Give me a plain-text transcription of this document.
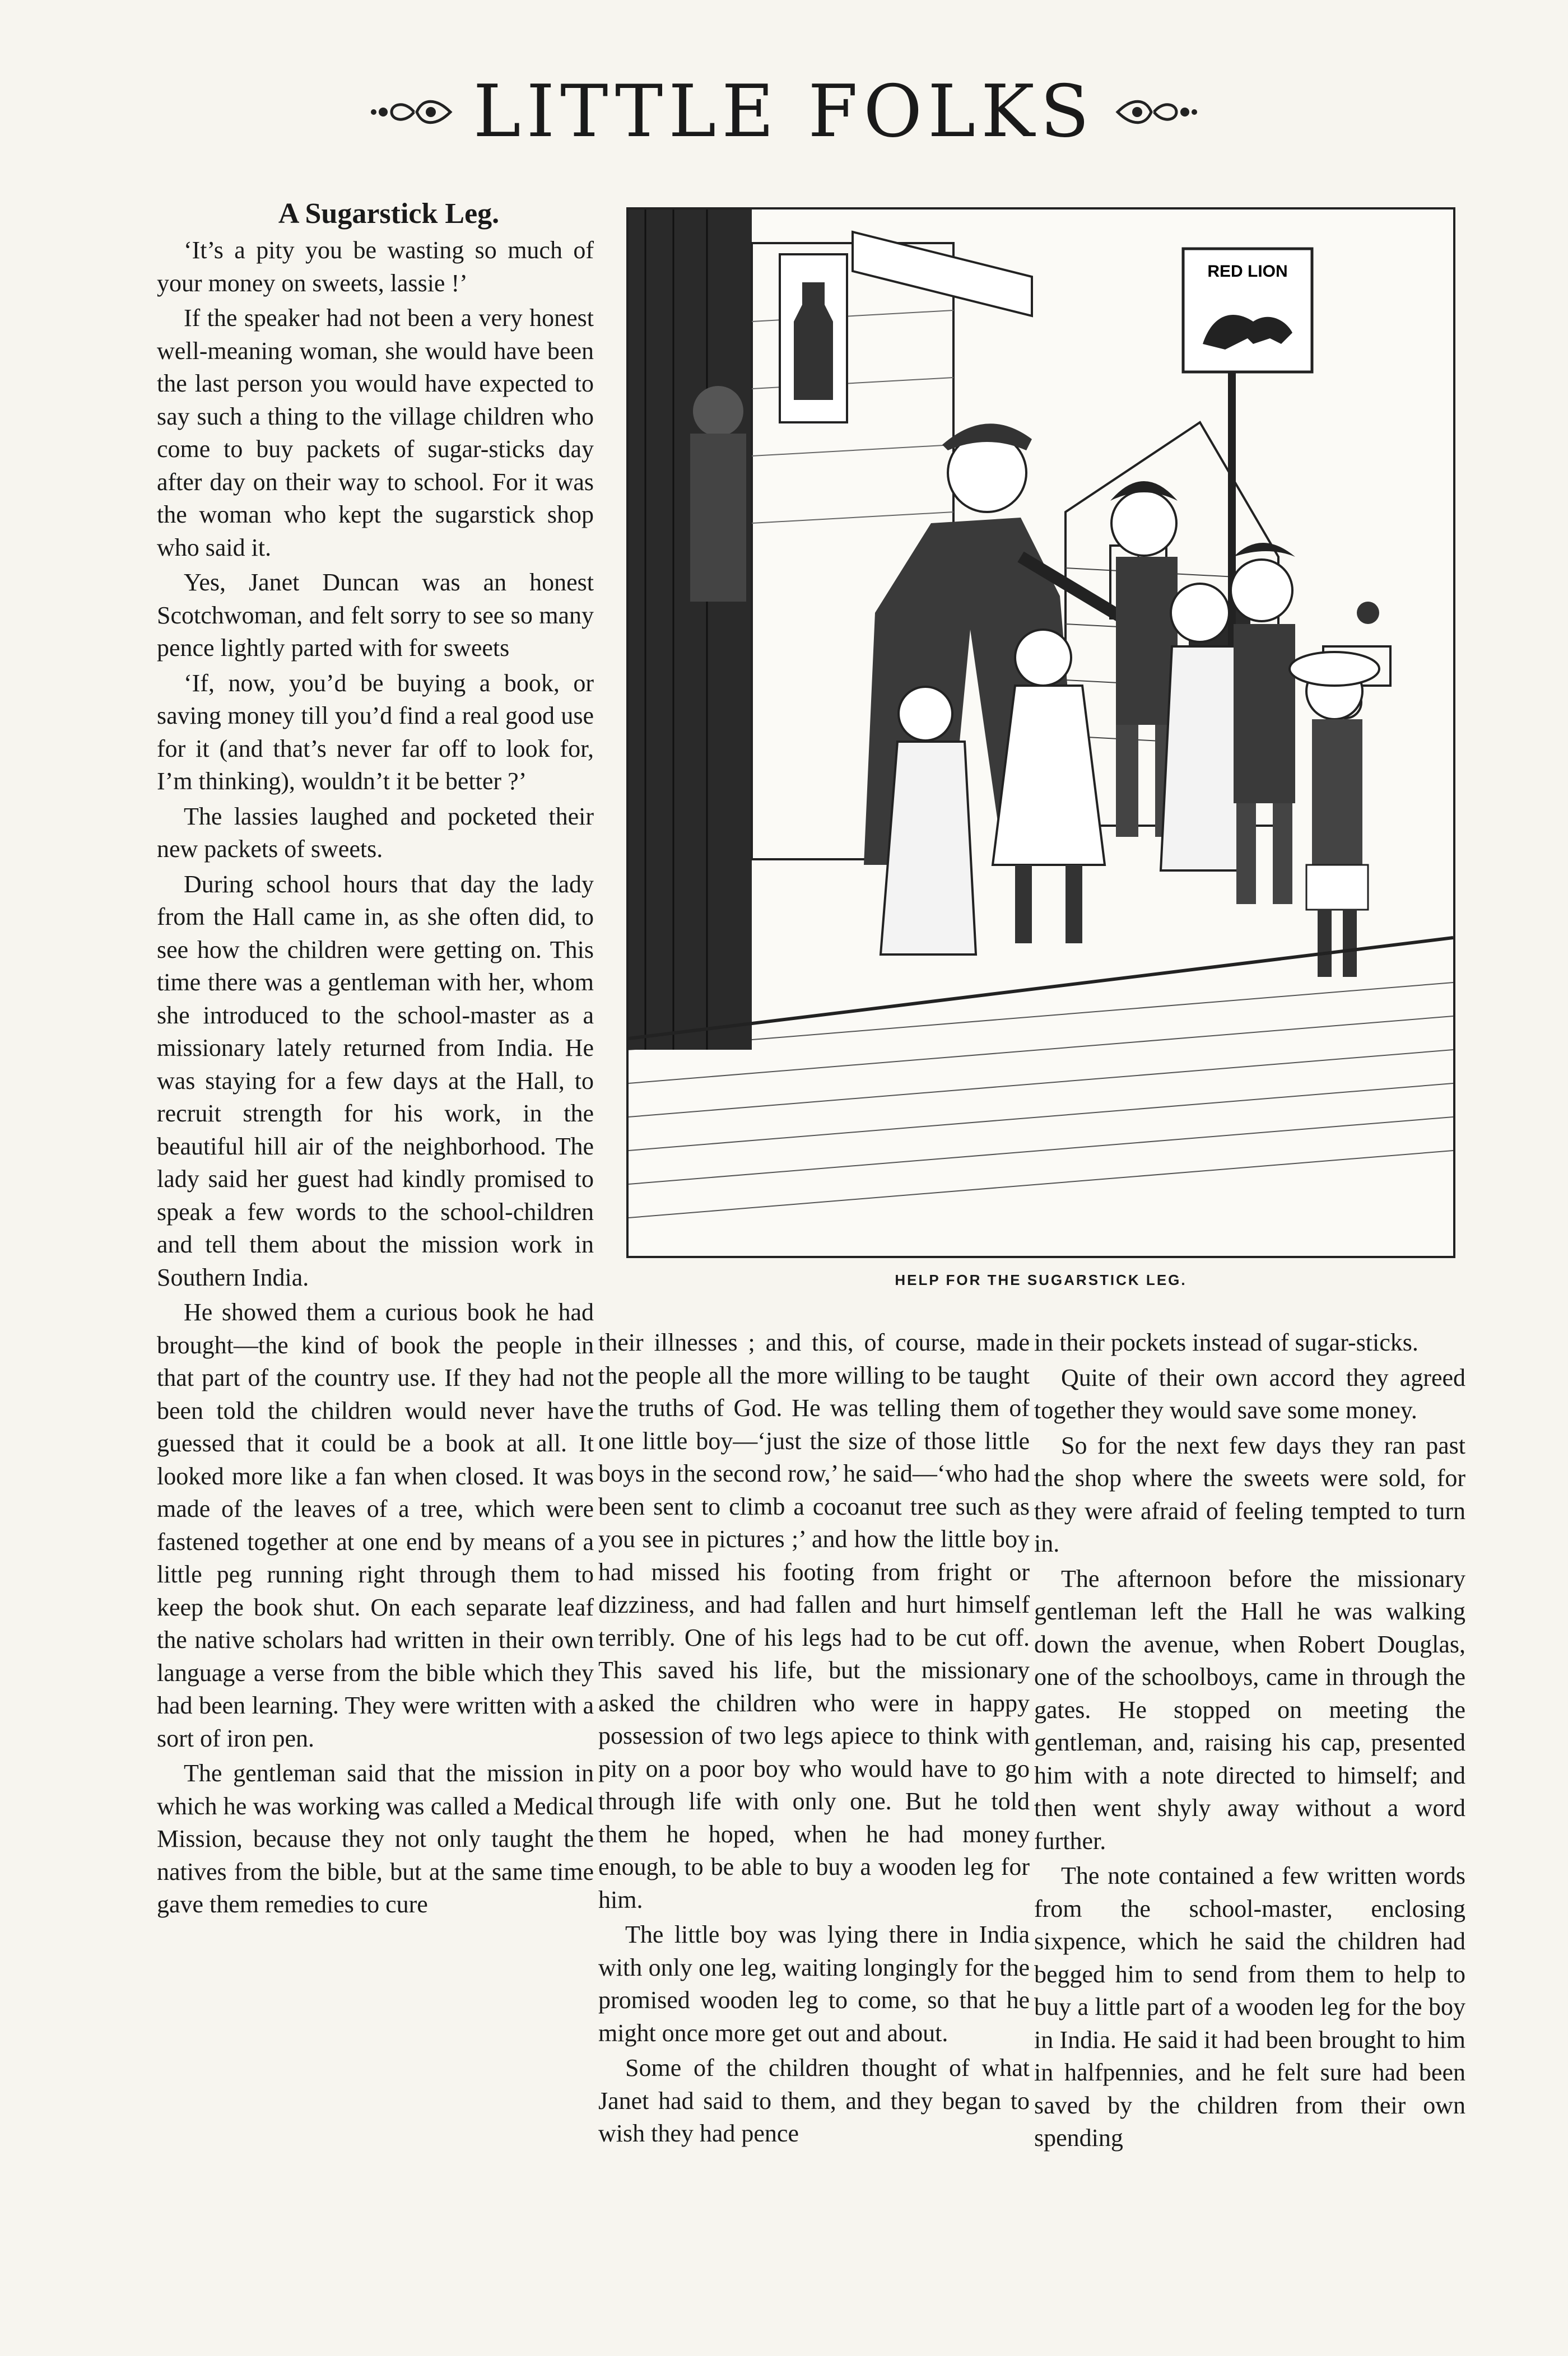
LITTLE FOLKS

A Sugarstick Leg.

‘It’s a pity you be wasting so much of your money on sweets, lassie !’

If the speaker had not been a very honest well-meaning woman, she would have been the last person you would have expected to say such a thing to the village children who come to buy packets of sugar-sticks day after day on their way to school. For it was the woman who kept the sugarstick shop who said it.

Yes, Janet Duncan was an honest Scotchwoman, and felt sorry to see so many pence lightly parted with for sweets

‘If, now, you’d be buying a book, or saving money till you’d find a real good use for it (and that’s never far off to look for, I’m thinking), wouldn’t it be better ?’

The lassies laughed and pocketed their new packets of sweets.

During school hours that day the lady from the Hall came in, as she often did, to see how the children were getting on. This time there was a gentleman with her, whom she introduced to the school-master as a missionary lately returned from India. He was staying for a few days at the Hall, to recruit strength for his work, in the beautiful hill air of the neighborhood. The lady said her guest had kindly promised to speak a few words to the school-children and tell them about the mission work in Southern India.

He showed them a curious book he had brought—the kind of book the people in that part of the country use. If they had not been told the children would never have guessed that it could be a book at all. It looked more like a fan when closed. It was made of the leaves of a tree, which were fastened together at one end by means of a little peg running right through them to keep the book shut. On each separate leaf the native scholars had written in their own language a verse from the bible which they had been learning. They were written with a sort of iron pen.

The gentleman said that the mission in which he was working was called a Medical Mission, because they not only taught the natives from the bible, but at the same time gave them remedies to cure

RED LION
HELP FOR THE SUGARSTICK LEG.

their illnesses ; and this, of course, made the people all the more willing to be taught the truths of God. He was telling them of one little boy—‘just the size of those little boys in the second row,’ he said—‘who had been sent to climb a cocoanut tree such as you see in pictures ;’ and how the little boy had missed his footing from fright or dizziness, and had fallen and hurt himself terribly. One of his legs had to be cut off. This saved his life, but the missionary asked the children who were in happy possession of two legs apiece to think with pity on a poor boy who would have to go through life with only one. But he told them he hoped, when he had money enough, to be able to buy a wooden leg for him.

The little boy was lying there in India with only one leg, waiting longingly for the promised wooden leg to come, so that he might once more get out and about.

Some of the children thought of what Janet had said to them, and they began to wish they had pence

in their pockets instead of sugar-sticks.

Quite of their own accord they agreed together they would save some money.

So for the next few days they ran past the shop where the sweets were sold, for they were afraid of feeling tempted to turn in.

The afternoon before the missionary gentleman left the Hall he was walking down the avenue, when Robert Douglas, one of the schoolboys, came in through the gates. He stopped on meeting the gentleman, and, raising his cap, presented him with a note directed to himself; and then went shyly away without a word further.

The note contained a few written words from the school-master, enclosing sixpence, which he said the children had begged him to send from them to help to buy a little part of a wooden leg for the boy in India. He said it had been brought to him in halfpennies, and he felt sure had been saved by the children from their own spending
